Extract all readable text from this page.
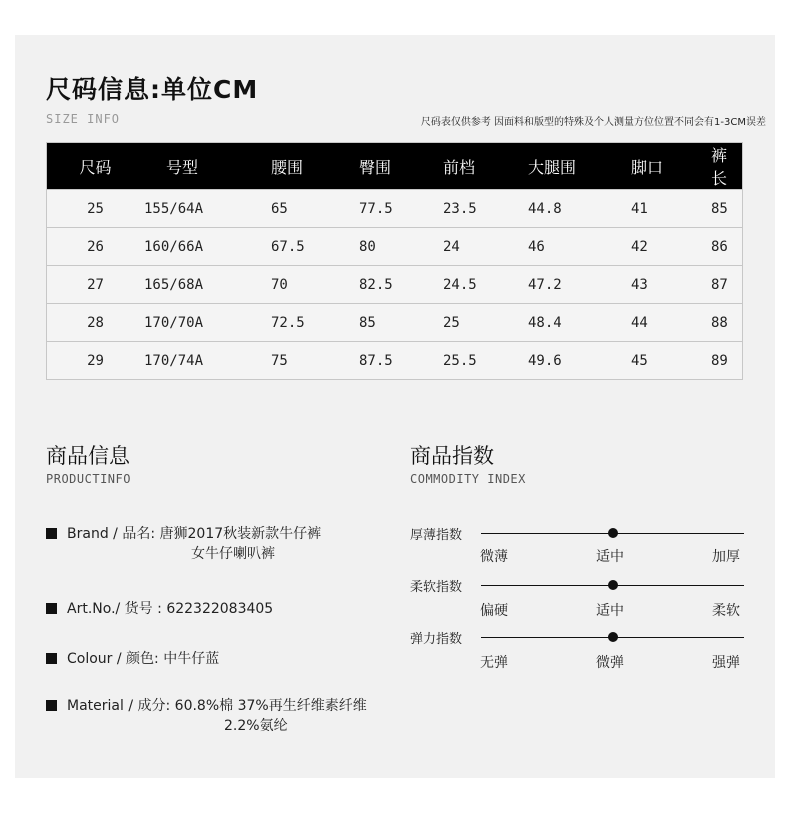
尺码信息:单位CM
SIZE INFO	尺码表仅供参考 因面料和版型的特殊及个人测量方位位置不同会有1-3CM误差
尺码	号型	腰围	臀围	前档	大腿围	脚口	裤长
25	155/64A	65	77.5	23.5	44.8	41	85
26	160/66A	67.5	80	24	46	42	86
27	165/68A	70	82.5	24.5	47.2	43	87
28	170/70A	72.5	85	25	48.4	44	88
29	170/74A	75	87.5	25.5	49.6	45	89
商品信息
PRODUCTINFO
Brand / 品名: 唐狮2017秋装新款牛仔裤
女牛仔喇叭裤
Art.No./ 货号 : 622322083405
Colour / 颜色: 中牛仔蓝
Material / 成分: 60.8%棉 37%再生纤维素纤维
2.2%氨纶
商品指数
COMMODITY INDEX
厚薄指数
微薄	适中	加厚
柔软指数
偏硬	适中	柔软
弹力指数
无弹	微弹	强弹
